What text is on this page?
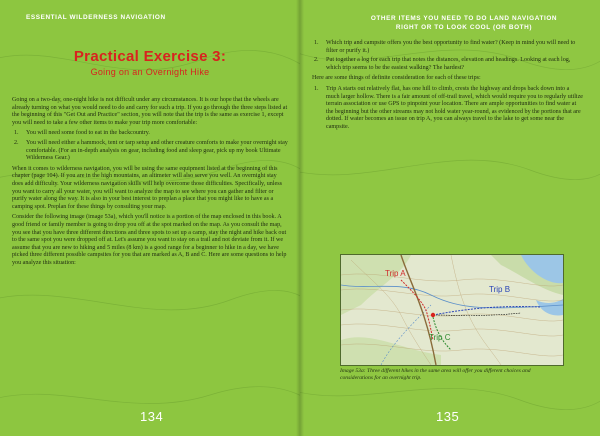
ESSENTIAL WILDERNESS NAVIGATION
Practical Exercise 3:
Going on an Overnight Hike

Going on a two-day, one-night hike is not difficult under any circumstances. It is our hope that the wheels are already turning on what you would need to do and carry for such a trip. If you go through the three steps listed at the beginning of this "Get Out and Practice" section, you will note that the trip is the same as exercise 1, except you will need to take a few other items to make your trip more comfortable:

1. You will need some food to eat in the backcountry.
2. You will need either a hammock, tent or tarp setup and other creature comforts to make your overnight stay comfortable. (For an in-depth analysis on gear, including food and sleep gear, pick up my book Ultimate Wilderness Gear.)

When it comes to wilderness navigation, you will be using the same equipment listed at the beginning of this chapter (page 104). If you are in the high mountains, an altimeter will also serve you well. An overnight stay does add difficulty. Your wilderness navigation skills will help overcome those difficulties. Specifically, unless you want to carry all your water, you will want to analyze the map to see where you can gather and filter or purify water along the way. It is also in your best interest to preplan a place that you might like to have as a camping spot. Preplan for these things by consulting your map.

Consider the following image (image 53a), which you'll notice is a portion of the map enclosed in this book. A good friend or family member is going to drop you off at the spot marked on the map. As you consult the map, you see that you have three different directions and three spots to set up a camp, stay the night and hike back out to the same spot you were dropped off at. Let's assume you want to stay on a trail and not deviate from it. If we assume that you are new to hiking and 5 miles (8 km) is a good range for a beginner to hike in a day, we have picked three different possible campsites for you that are marked as A, B and C. Here are some questions to help you analyze this situation:

134
OTHER ITEMS YOU NEED TO DO LAND NAVIGATION
RIGHT OR TO LOOK COOL (OR BOTH)
1. Which trip and campsite offers you the best opportunity to find water? (Keep in mind you will need to filter or purify it.)
2. Put together a log for each trip that notes the distances, elevation and headings. Looking at each log, which trip seems to be the easiest walking? The hardest?

Here are some things of definite consideration for each of these trips:

1. Trip A starts out relatively flat, has one hill to climb, crests the highway and drops back down into a much larger hollow. There is a fair amount of off-trail travel, which would require you to regularly utilize terrain association or use GPS to pinpoint your location. There are ample opportunities to find water at the beginning but the other streams may not hold water year-round, as evidenced by the portions that are dotted. If water becomes an issue on trip A, you can always travel to the lake to get some near the campsite.
Trip A
Trip B
Trip C
Image 53a: Three different hikes in the same area will offer you different choices and considerations for an overnight trip.
135
